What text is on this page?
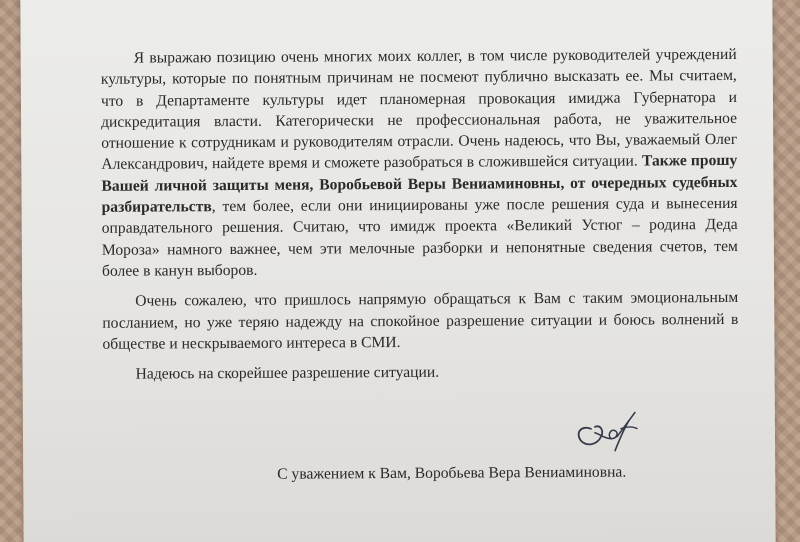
Я выражаю позицию очень многих моих коллег, в том числе руководителей учреждений культуры, которые по понятным причинам не посмеют публично высказать ее. Мы считаем, что в Департаменте культуры идет планомерная провокация имиджа Губернатора и дискредитация власти. Категорически не профессиональная работа, не уважительное отношение к сотрудникам и руководителям отрасли. Очень надеюсь, что Вы, уважаемый Олег Александрович, найдете время и сможете разобраться в сложившейся ситуации. Также прошу Вашей личной защиты меня, Воробьевой Веры Вениаминовны, от очередных судебных разбирательств, тем более, если они инициированы уже после решения суда и вынесения оправдательного решения. Считаю, что имидж проекта «Великий Устюг – родина Деда Мороза» намного важнее, чем эти мелочные разборки и непонятные сведения счетов, тем более в канун выборов.

Очень сожалею, что пришлось напрямую обращаться к Вам с таким эмоциональным посланием, но уже теряю надежду на спокойное разрешение ситуации и боюсь волнений в обществе и нескрываемого интереса в СМИ.

Надеюсь на скорейшее разрешение ситуации.

С уважением к Вам, Воробьева Вера Вениаминовна.
